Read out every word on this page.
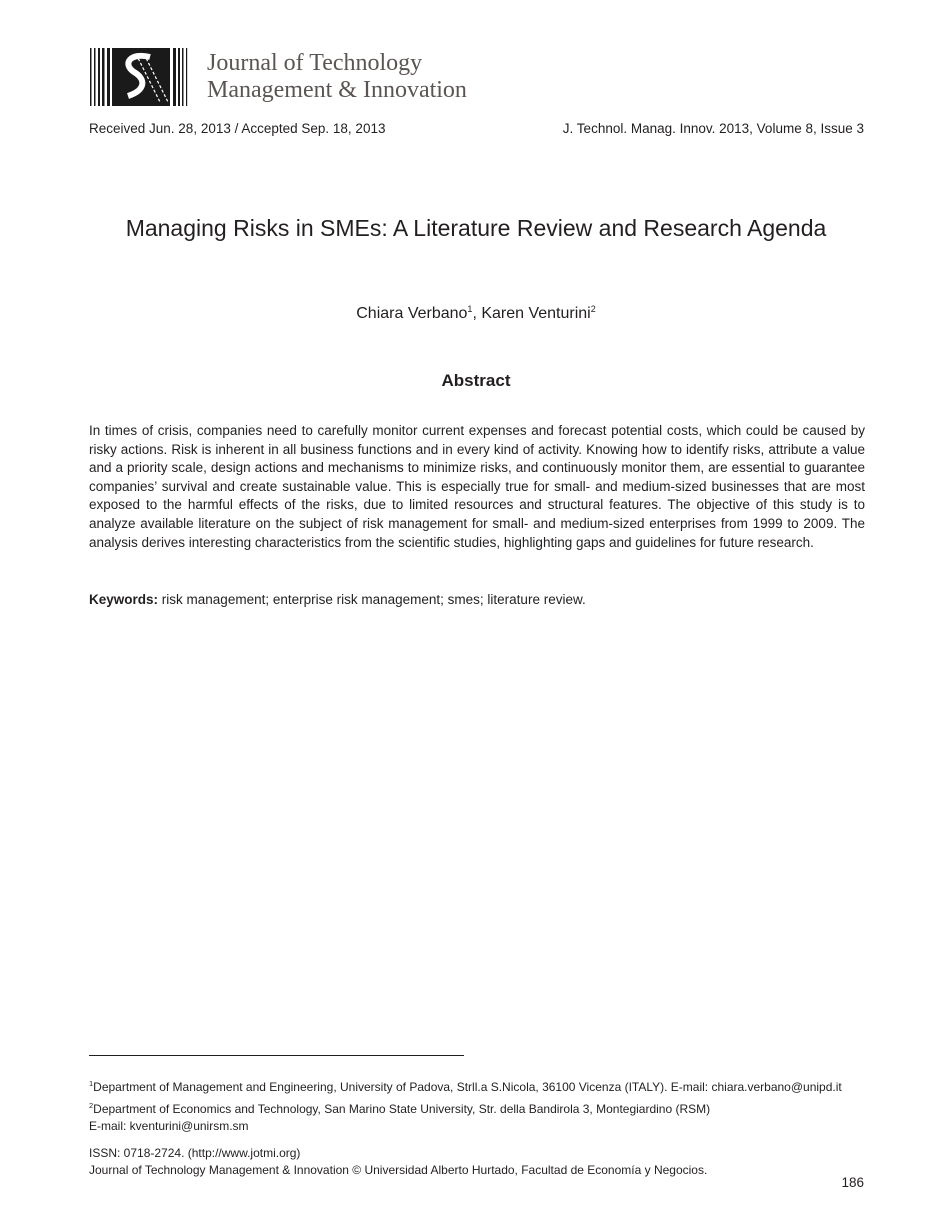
Journal of Technology
Management & Innovation
Received Jun. 28, 2013 / Accepted Sep. 18, 2013	J. Technol. Manag. Innov. 2013, Volume 8, Issue 3
Managing Risks in SMEs: A Literature Review and Research Agenda
Chiara Verbano$^1$, Karen Venturini$^2$
Abstract
In times of crisis, companies need to carefully monitor current expenses and forecast potential costs, which could be caused by risky actions. Risk is inherent in all business functions and in every kind of activity. Knowing how to identify risks, attribute a value and a priority scale, design actions and mechanisms to minimize risks, and continuously monitor them, are essential to guarantee companies’ survival and create sustainable value. This is especially true for small- and medium-sized businesses that are most exposed to the harmful effects of the risks, due to limited resources and structural features. The objective of this study is to analyze available literature on the subject of risk management for small- and medium-sized enterprises from 1999 to 2009. The analysis derives interesting characteristics from the scientific studies, highlighting gaps and guidelines for future research.
Keywords: risk management; enterprise risk management; smes; literature review.
$^1$Department of Management and Engineering, University of Padova, Strll.a S.Nicola, 36100 Vicenza (ITALY). E-mail: chiara.verbano@unipd.it
$^2$Department of Economics and Technology, San Marino State University, Str. della Bandirola 3, Montegiardino (RSM)
E-mail: kventurini@unirsm.sm
ISSN: 0718-2724. (http://www.jotmi.org)
Journal of Technology Management & Innovation © Universidad Alberto Hurtado, Facultad de Economía y Negocios.
186
